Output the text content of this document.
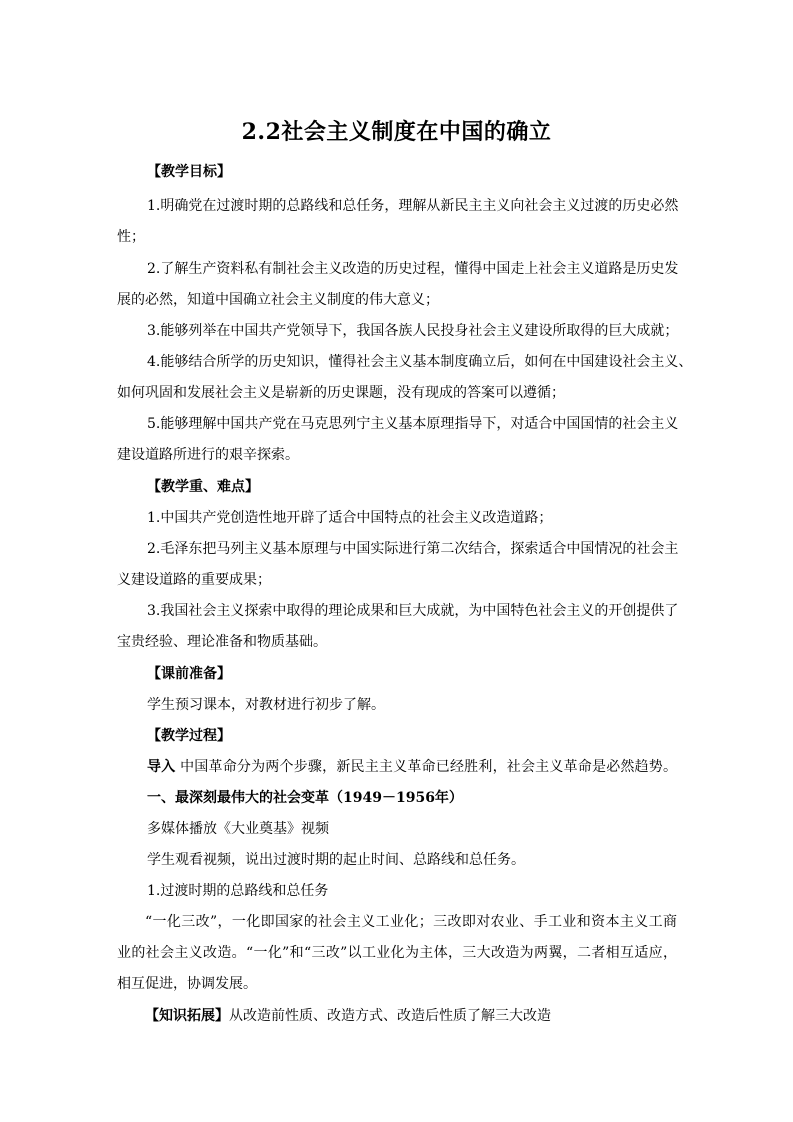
2.2社会主义制度在中国的确立
【教学目标】
1.明确党在过渡时期的总路线和总任务，理解从新民主主义向社会主义过渡的历史必然
性；
2.了解生产资料私有制社会主义改造的历史过程，懂得中国走上社会主义道路是历史发
展的必然，知道中国确立社会主义制度的伟大意义；
3.能够列举在中国共产党领导下，我国各族人民投身社会主义建设所取得的巨大成就；
4.能够结合所学的历史知识，懂得社会主义基本制度确立后，如何在中国建设社会主义、
如何巩固和发展社会主义是崭新的历史课题，没有现成的答案可以遵循；
5.能够理解中国共产党在马克思列宁主义基本原理指导下，对适合中国国情的社会主义
建设道路所进行的艰辛探索。
【教学重、难点】
1.中国共产党创造性地开辟了适合中国特点的社会主义改造道路；
2.毛泽东把马列主义基本原理与中国实际进行第二次结合，探索适合中国情况的社会主
义建设道路的重要成果；
3.我国社会主义探索中取得的理论成果和巨大成就，为中国特色社会主义的开创提供了
宝贵经验、理论准备和物质基础。
【课前准备】
学生预习课本，对教材进行初步了解。
【教学过程】
导入 中国革命分为两个步骤，新民主主义革命已经胜利，社会主义革命是必然趋势。
一、最深刻最伟大的社会变革（1949－1956年）
多媒体播放《大业奠基》视频
学生观看视频，说出过渡时期的起止时间、总路线和总任务。
1.过渡时期的总路线和总任务
“一化三改”，一化即国家的社会主义工业化；三改即对农业、手工业和资本主义工商
业的社会主义改造。“一化”和“三改”以工业化为主体，三大改造为两翼，二者相互适应，
相互促进，协调发展。
【知识拓展】从改造前性质、改造方式、改造后性质了解三大改造
